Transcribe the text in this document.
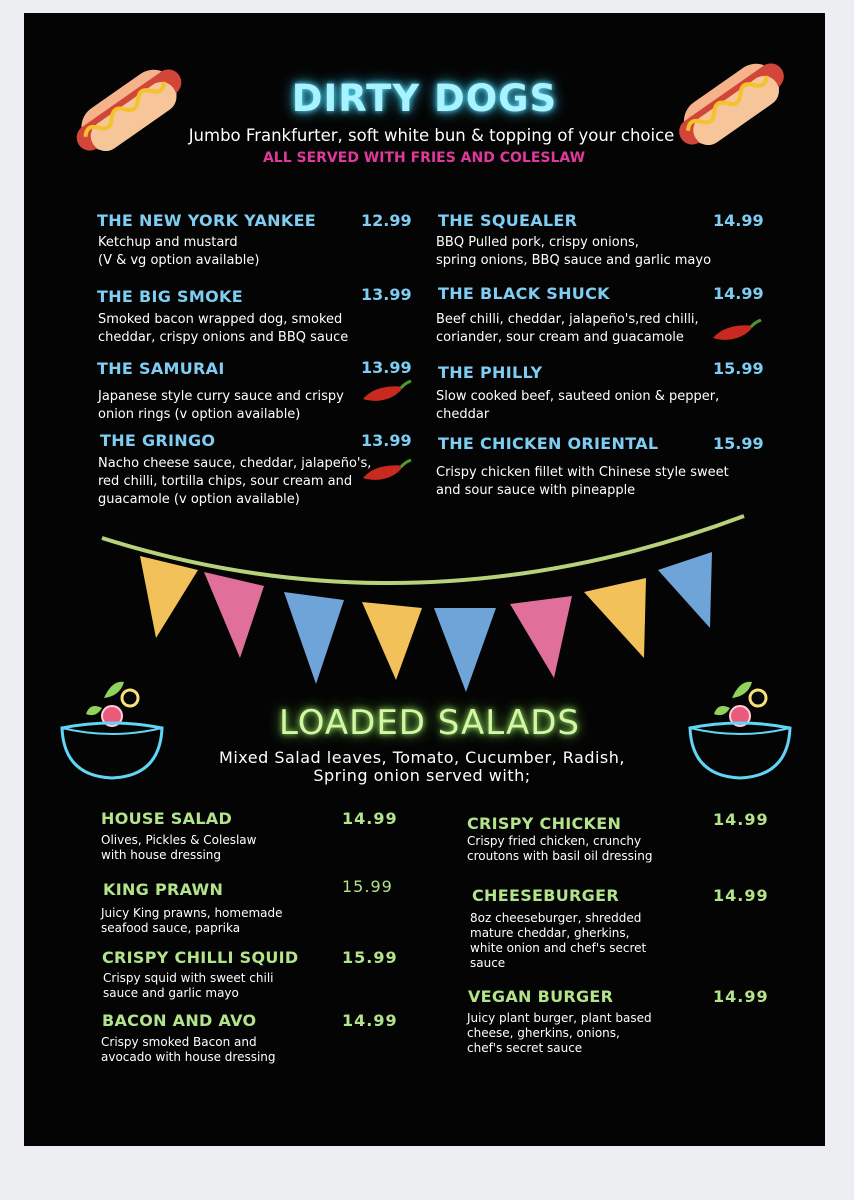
DIRTY DOGS
Jumbo Frankfurter, soft white bun & topping of your choice
ALL SERVED WITH FRIES AND COLESLAW
THE NEW YORK YANKEE	12.99
Ketchup and mustard
(V & vg option available)
THE BIG SMOKE	13.99
Smoked bacon wrapped dog, smoked
cheddar, crispy onions and BBQ sauce
THE SAMURAI	13.99
Japanese style curry sauce and crispy
onion rings (v option available)
THE GRINGO	13.99
Nacho cheese sauce, cheddar, jalapeño's,
red chilli, tortilla chips, sour cream and
guacamole (v option available)
THE SQUEALER	14.99
BBQ Pulled pork, crispy onions,
spring onions, BBQ sauce and garlic mayo
THE BLACK SHUCK	14.99
Beef chilli, cheddar, jalapeño's,red chilli,
coriander, sour cream and guacamole
THE PHILLY	15.99
Slow cooked beef, sauteed onion & pepper,
cheddar
THE CHICKEN ORIENTAL	15.99
Crispy chicken fillet with Chinese style sweet
and sour sauce with pineapple
LOADED SALADS
Mixed Salad leaves, Tomato, Cucumber, Radish,
Spring onion served with;
HOUSE SALAD	14.99
Olives, Pickles & Coleslaw
with house dressing
KING PRAWN	15.99
Juicy King prawns, homemade
seafood sauce, paprika
CRISPY CHILLI SQUID	15.99
Crispy squid with sweet chili
sauce and garlic mayo
BACON AND AVO	14.99
Crispy smoked Bacon and
avocado with house dressing
CRISPY CHICKEN	14.99
Crispy fried chicken, crunchy
croutons with basil oil dressing
CHEESEBURGER	14.99
8oz cheeseburger, shredded
mature cheddar, gherkins,
white onion and chef's secret
sauce
VEGAN BURGER	14.99
Juicy plant burger, plant based
cheese, gherkins, onions,
chef's secret sauce
